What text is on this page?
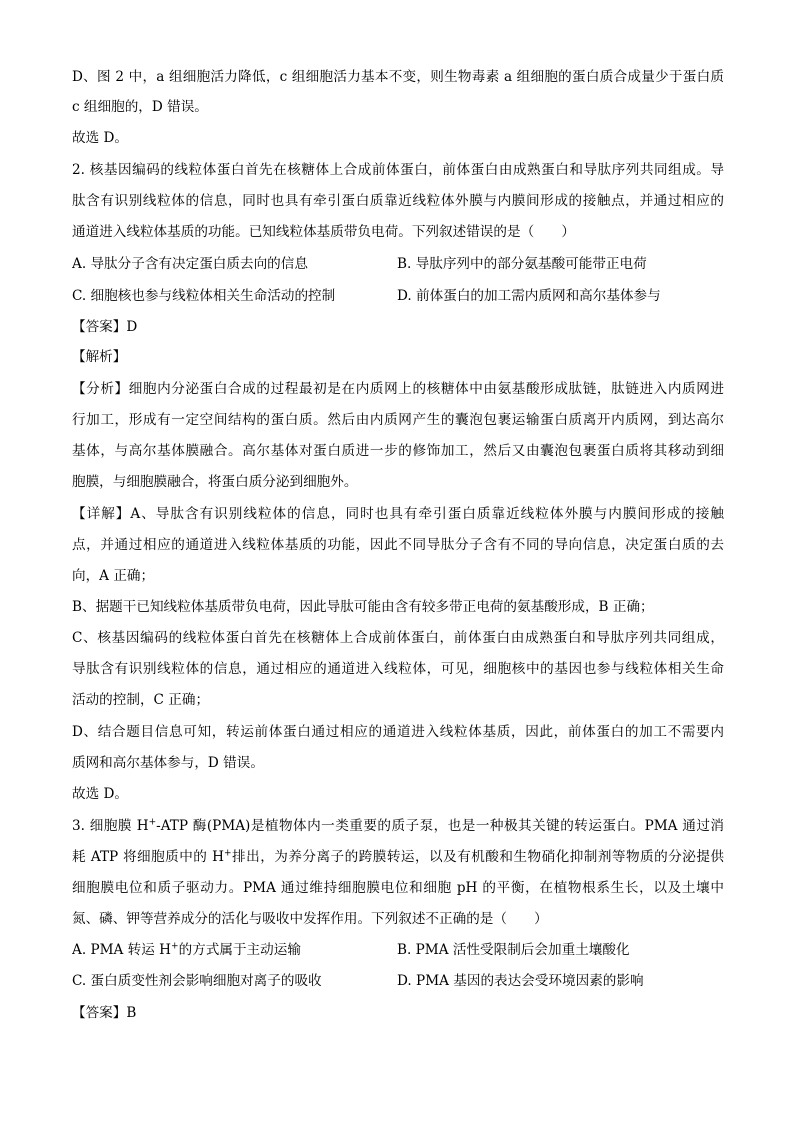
D、图 2 中，a 组细胞活力降低，c 组细胞活力基本不变，则生物毒素 a 组细胞的蛋白质合成量少于蛋白质
c 组细胞的，D 错误。
故选 D。
2. 核基因编码的线粒体蛋白首先在核糖体上合成前体蛋白，前体蛋白由成熟蛋白和导肽序列共同组成。导
肽含有识别线粒体的信息，同时也具有牵引蛋白质靠近线粒体外膜与内膜间形成的接触点，并通过相应的
通道进入线粒体基质的功能。已知线粒体基质带负电荷。下列叙述错误的是（　　）
A. 导肽分子含有决定蛋白质去向的信息	B. 导肽序列中的部分氨基酸可能带正电荷
C. 细胞核也参与线粒体相关生命活动的控制	D. 前体蛋白的加工需内质网和高尔基体参与
【答案】D
【解析】
【分析】细胞内分泌蛋白合成的过程最初是在内质网上的核糖体中由氨基酸形成肽链，肽链进入内质网进
行加工，形成有一定空间结构的蛋白质。然后由内质网产生的囊泡包裹运输蛋白质离开内质网，到达高尔
基体，与高尔基体膜融合。高尔基体对蛋白质进一步的修饰加工，然后又由囊泡包裹蛋白质将其移动到细
胞膜，与细胞膜融合，将蛋白质分泌到细胞外。
【详解】A、导肽含有识别线粒体的信息，同时也具有牵引蛋白质靠近线粒体外膜与内膜间形成的接触
点，并通过相应的通道进入线粒体基质的功能，因此不同导肽分子含有不同的导向信息，决定蛋白质的去
向，A 正确；
B、据题干已知线粒体基质带负电荷，因此导肽可能由含有较多带正电荷的氨基酸形成，B 正确；
C、核基因编码的线粒体蛋白首先在核糖体上合成前体蛋白，前体蛋白由成熟蛋白和导肽序列共同组成，
导肽含有识别线粒体的信息，通过相应的通道进入线粒体，可见，细胞核中的基因也参与线粒体相关生命
活动的控制，C 正确；
D、结合题目信息可知，转运前体蛋白通过相应的通道进入线粒体基质，因此，前体蛋白的加工不需要内
质网和高尔基体参与，D 错误。
故选 D。
3. 细胞膜 H+-ATP 酶(PMA)是植物体内一类重要的质子泵，也是一种极其关键的转运蛋白。PMA 通过消
耗 ATP 将细胞质中的 H+排出，为养分离子的跨膜转运，以及有机酸和生物硝化抑制剂等物质的分泌提供
细胞膜电位和质子驱动力。PMA 通过维持细胞膜电位和细胞 pH 的平衡，在植物根系生长，以及土壤中
氮、磷、钾等营养成分的活化与吸收中发挥作用。下列叙述不正确的是（　　）
A. PMA 转运 H+的方式属于主动运输	B. PMA 活性受限制后会加重土壤酸化
C. 蛋白质变性剂会影响细胞对离子的吸收	D. PMA 基因的表达会受环境因素的影响
【答案】B
